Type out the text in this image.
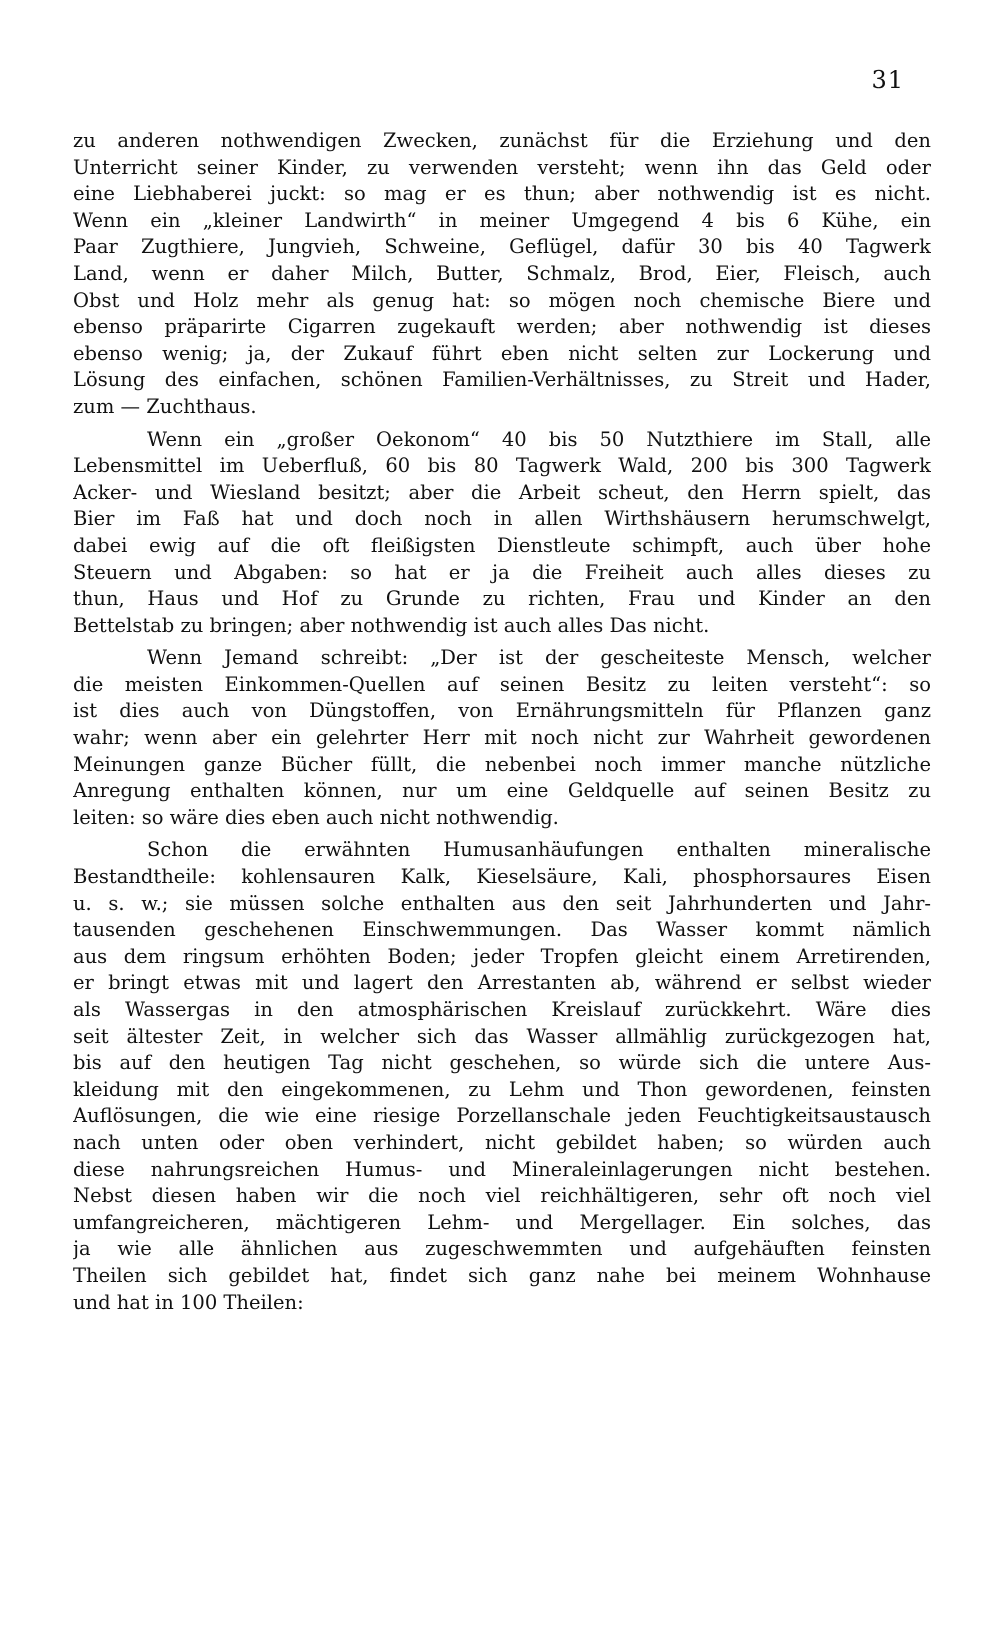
31
zu anderen nothwendigen Zwecken, zunächst für die Erziehung und den
Unterricht seiner Kinder, zu verwenden versteht; wenn ihn das Geld oder
eine Liebhaberei juckt: so mag er es thun; aber nothwendig ist es nicht.
Wenn ein „kleiner Landwirth“ in meiner Umgegend 4 bis 6 Kühe, ein
Paar Zugthiere, Jungvieh, Schweine, Geflügel, dafür 30 bis 40 Tagwerk
Land, wenn er daher Milch, Butter, Schmalz, Brod, Eier, Fleisch, auch
Obst und Holz mehr als genug hat: so mögen noch chemische Biere und
ebenso präparirte Cigarren zugekauft werden; aber nothwendig ist dieses
ebenso wenig; ja, der Zukauf führt eben nicht selten zur Lockerung und
Lösung des einfachen, schönen Familien-Verhältnisses, zu Streit und Hader,
zum — Zuchthaus.
Wenn ein „großer Oekonom“ 40 bis 50 Nutzthiere im Stall, alle
Lebensmittel im Ueberfluß, 60 bis 80 Tagwerk Wald, 200 bis 300 Tagwerk
Acker- und Wiesland besitzt; aber die Arbeit scheut, den Herrn spielt, das
Bier im Faß hat und doch noch in allen Wirthshäusern herumschwelgt,
dabei ewig auf die oft fleißigsten Dienstleute schimpft, auch über hohe
Steuern und Abgaben: so hat er ja die Freiheit auch alles dieses zu
thun, Haus und Hof zu Grunde zu richten, Frau und Kinder an den
Bettelstab zu bringen; aber nothwendig ist auch alles Das nicht.
Wenn Jemand schreibt: „Der ist der gescheiteste Mensch, welcher
die meisten Einkommen-Quellen auf seinen Besitz zu leiten versteht“: so
ist dies auch von Düngstoffen, von Ernährungsmitteln für Pflanzen ganz
wahr; wenn aber ein gelehrter Herr mit noch nicht zur Wahrheit gewordenen
Meinungen ganze Bücher füllt, die nebenbei noch immer manche nützliche
Anregung enthalten können, nur um eine Geldquelle auf seinen Besitz zu
leiten: so wäre dies eben auch nicht nothwendig.
Schon die erwähnten Humusanhäufungen enthalten mineralische
Bestandtheile: kohlensauren Kalk, Kieselsäure, Kali, phosphorsaures Eisen
u. s. w.; sie müssen solche enthalten aus den seit Jahrhunderten und Jahr-
tausenden geschehenen Einschwemmungen. Das Wasser kommt nämlich
aus dem ringsum erhöhten Boden; jeder Tropfen gleicht einem Arretirenden,
er bringt etwas mit und lagert den Arrestanten ab, während er selbst wieder
als Wassergas in den atmosphärischen Kreislauf zurückkehrt. Wäre dies
seit ältester Zeit, in welcher sich das Wasser allmählig zurückgezogen hat,
bis auf den heutigen Tag nicht geschehen, so würde sich die untere Aus-
kleidung mit den eingekommenen, zu Lehm und Thon gewordenen, feinsten
Auflösungen, die wie eine riesige Porzellanschale jeden Feuchtigkeitsaustausch
nach unten oder oben verhindert, nicht gebildet haben; so würden auch
diese nahrungsreichen Humus- und Mineraleinlagerungen nicht bestehen.
Nebst diesen haben wir die noch viel reichhältigeren, sehr oft noch viel
umfangreicheren, mächtigeren Lehm- und Mergellager. Ein solches, das
ja wie alle ähnlichen aus zugeschwemmten und aufgehäuften feinsten
Theilen sich gebildet hat, findet sich ganz nahe bei meinem Wohnhause
und hat in 100 Theilen:
